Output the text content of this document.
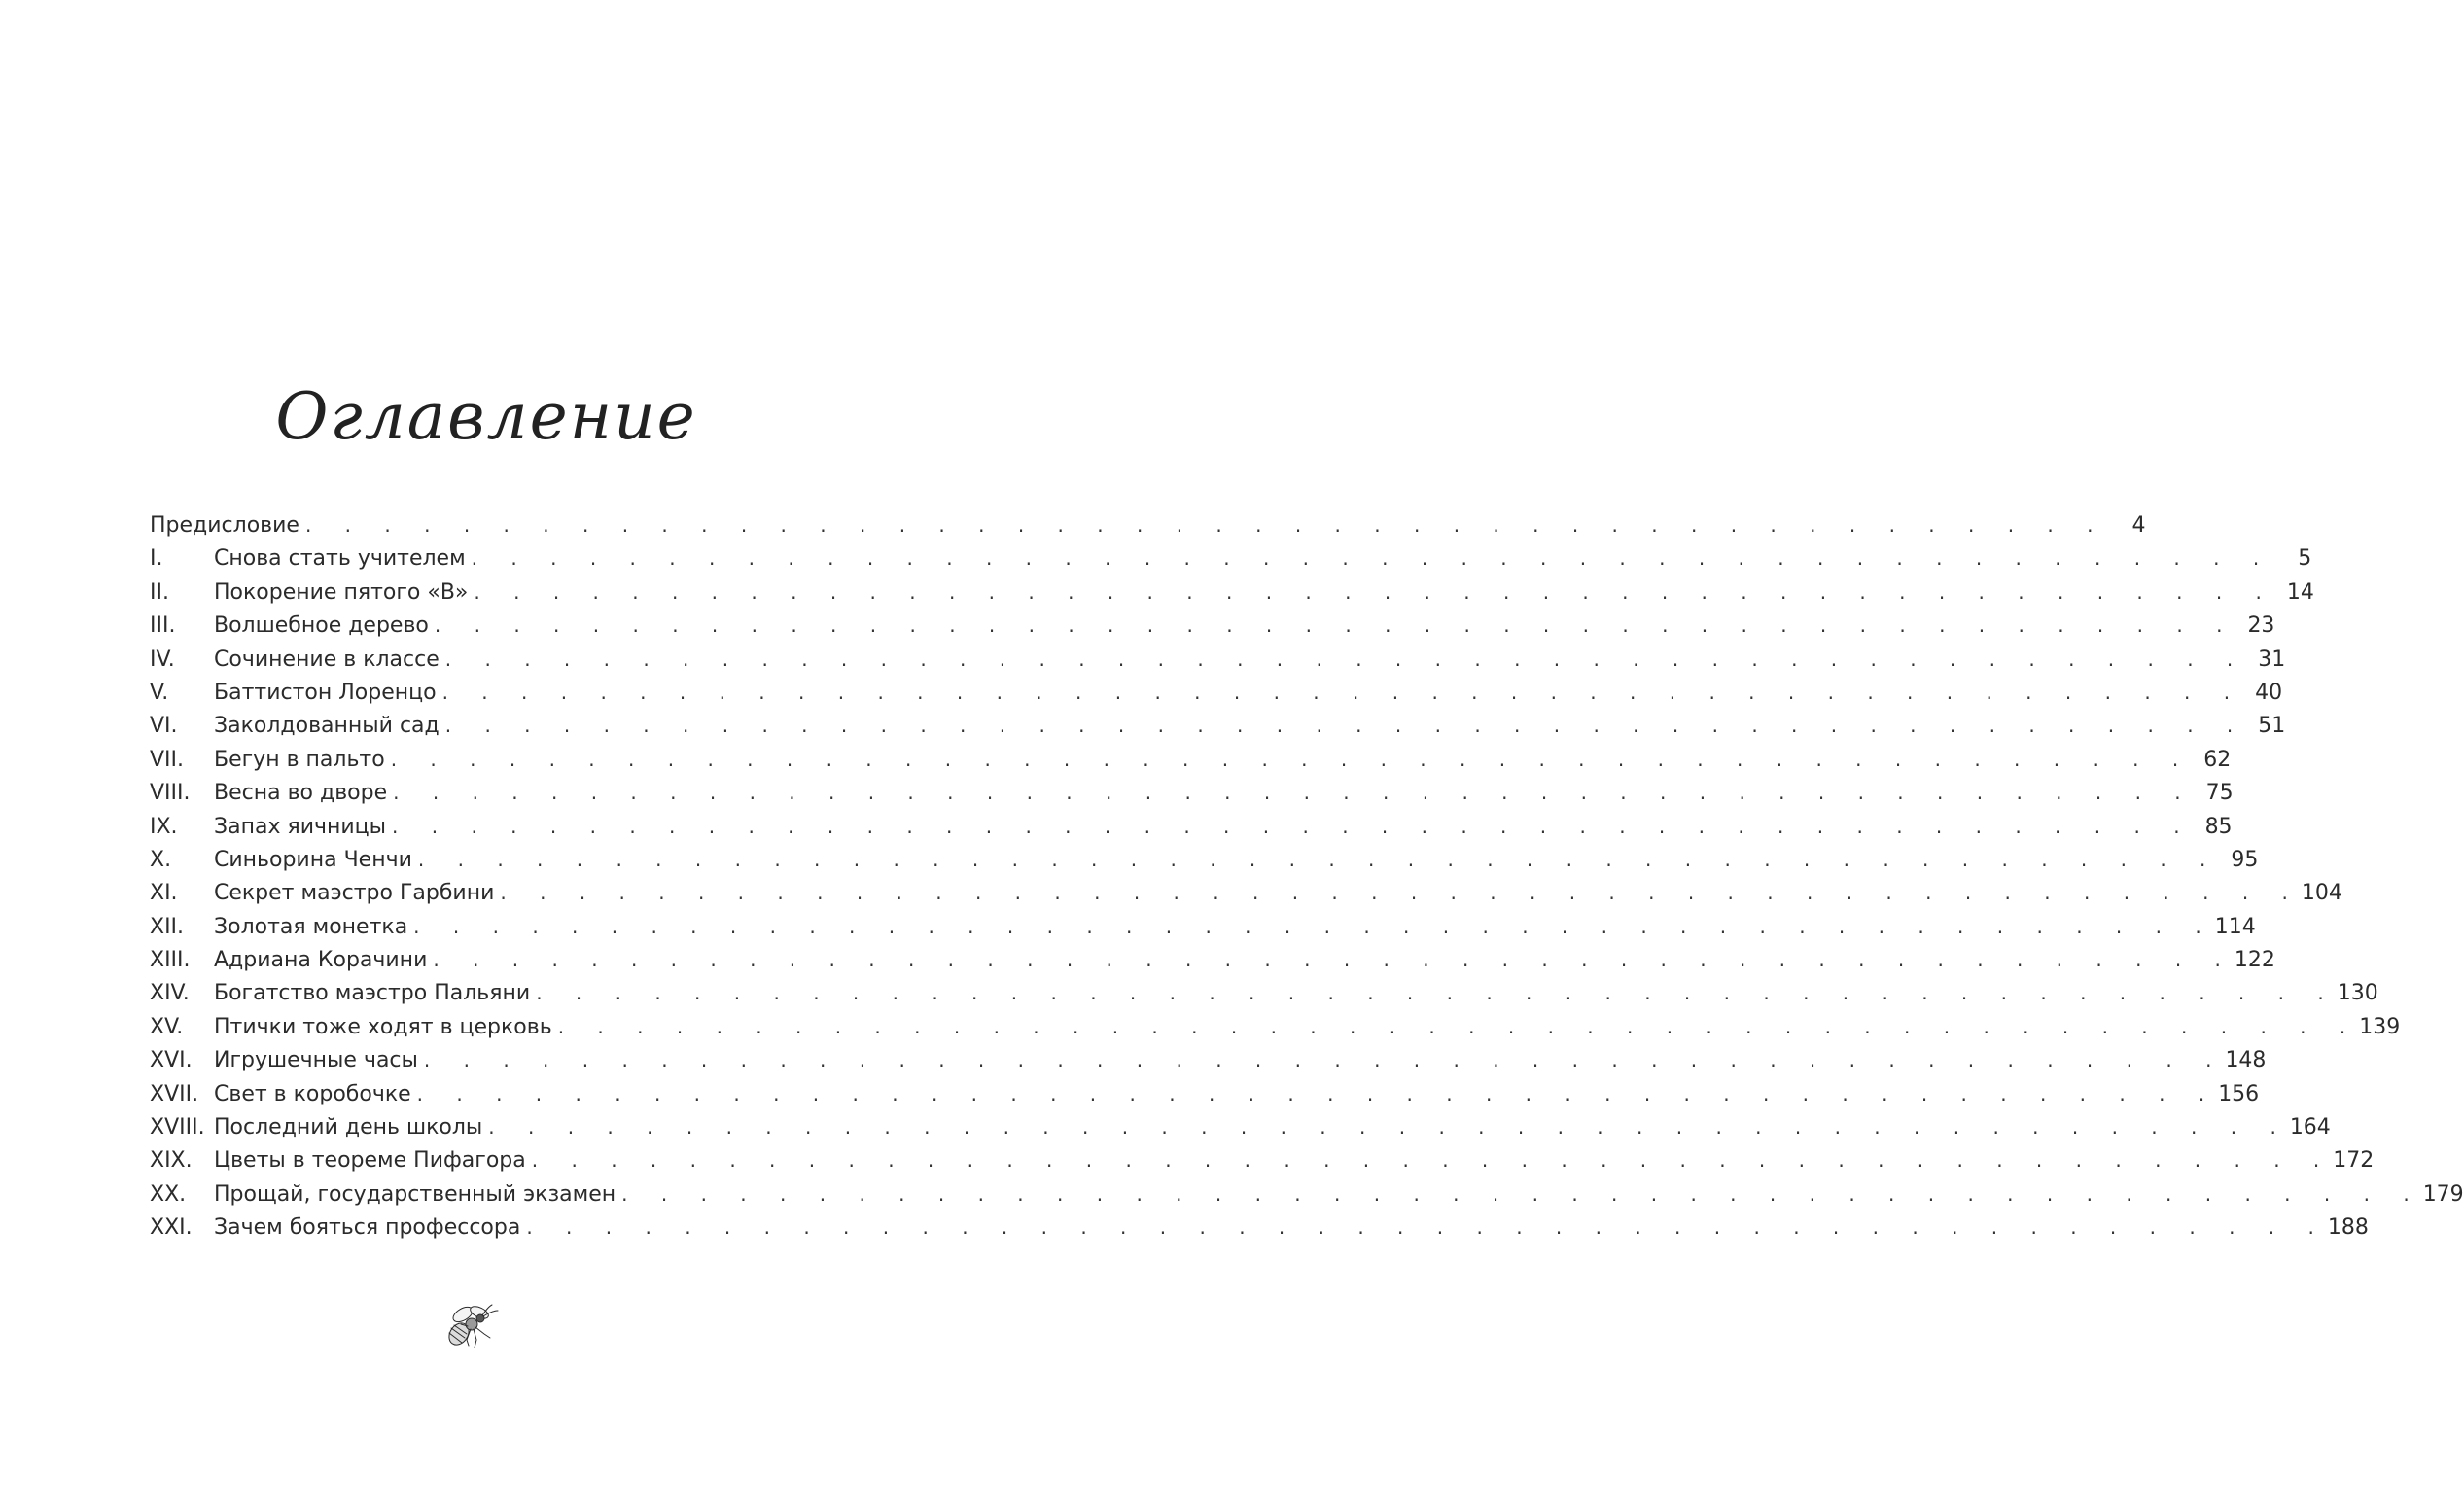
Оглавление
Предисловие . . . . . . . . . . . . . . . . . . . . . . . . . . . . . . . . . . . . . . . . . . . . . .	4
I.	Снова стать учителем . . . . . . . . . . . . . . . . . . . . . . . . . . . . . . . . . . . . . . . . . . . . . .	5
II.	Покорение пятого «В» . . . . . . . . . . . . . . . . . . . . . . . . . . . . . . . . . . . . . . . . . . . . . . 14
III.	Волшебное дерево . . . . . . . . . . . . . . . . . . . . . . . . . . . . . . . . . . . . . . . . . . . . . . 23
IV.	Сочинение в классе . . . . . . . . . . . . . . . . . . . . . . . . . . . . . . . . . . . . . . . . . . . . . . 31
V.	Баттистон Лоренцо . . . . . . . . . . . . . . . . . . . . . . . . . . . . . . . . . . . . . . . . . . . . . . 40
VI.	Заколдованный сад . . . . . . . . . . . . . . . . . . . . . . . . . . . . . . . . . . . . . . . . . . . . . . 51
VII.	Бегун в пальто . . . . . . . . . . . . . . . . . . . . . . . . . . . . . . . . . . . . . . . . . . . . . . 62
VIII.	Весна во дворе . . . . . . . . . . . . . . . . . . . . . . . . . . . . . . . . . . . . . . . . . . . . . . 75
IX.	Запах яичницы . . . . . . . . . . . . . . . . . . . . . . . . . . . . . . . . . . . . . . . . . . . . . . 85
X.	Синьорина Ченчи . . . . . . . . . . . . . . . . . . . . . . . . . . . . . . . . . . . . . . . . . . . . . . 95
XI.	Секрет маэстро Гарбини . . . . . . . . . . . . . . . . . . . . . . . . . . . . . . . . . . . . . . . . . . . . . . 104
XII.	Золотая монетка . . . . . . . . . . . . . . . . . . . . . . . . . . . . . . . . . . . . . . . . . . . . . . 114
XIII.	Адриана Корачини . . . . . . . . . . . . . . . . . . . . . . . . . . . . . . . . . . . . . . . . . . . . . . 122
XIV.	Богатство маэстро Пальяни . . . . . . . . . . . . . . . . . . . . . . . . . . . . . . . . . . . . . . . . . . . . . . 130
XV.	Птички тоже ходят в церковь . . . . . . . . . . . . . . . . . . . . . . . . . . . . . . . . . . . . . . . . . . . . . . 139
XVI.	Игрушечные часы . . . . . . . . . . . . . . . . . . . . . . . . . . . . . . . . . . . . . . . . . . . . . . 148
XVII. Свет в коробочке . . . . . . . . . . . . . . . . . . . . . . . . . . . . . . . . . . . . . . . . . . . . . . 156
XVIII. Последний день школы . . . . . . . . . . . . . . . . . . . . . . . . . . . . . . . . . . . . . . . . . . . . . . 164
XIX.	Цветы в теореме Пифагора . . . . . . . . . . . . . . . . . . . . . . . . . . . . . . . . . . . . . . . . . . . . . . 172
XX.	Прощай, государственный экзамен . . . . . . . . . . . . . . . . . . . . . . . . . . . . . . . . . . . . . . . . . . . . . . 179
XXI.	Зачем бояться профессора . . . . . . . . . . . . . . . . . . . . . . . . . . . . . . . . . . . . . . . . . . . . . . 188
